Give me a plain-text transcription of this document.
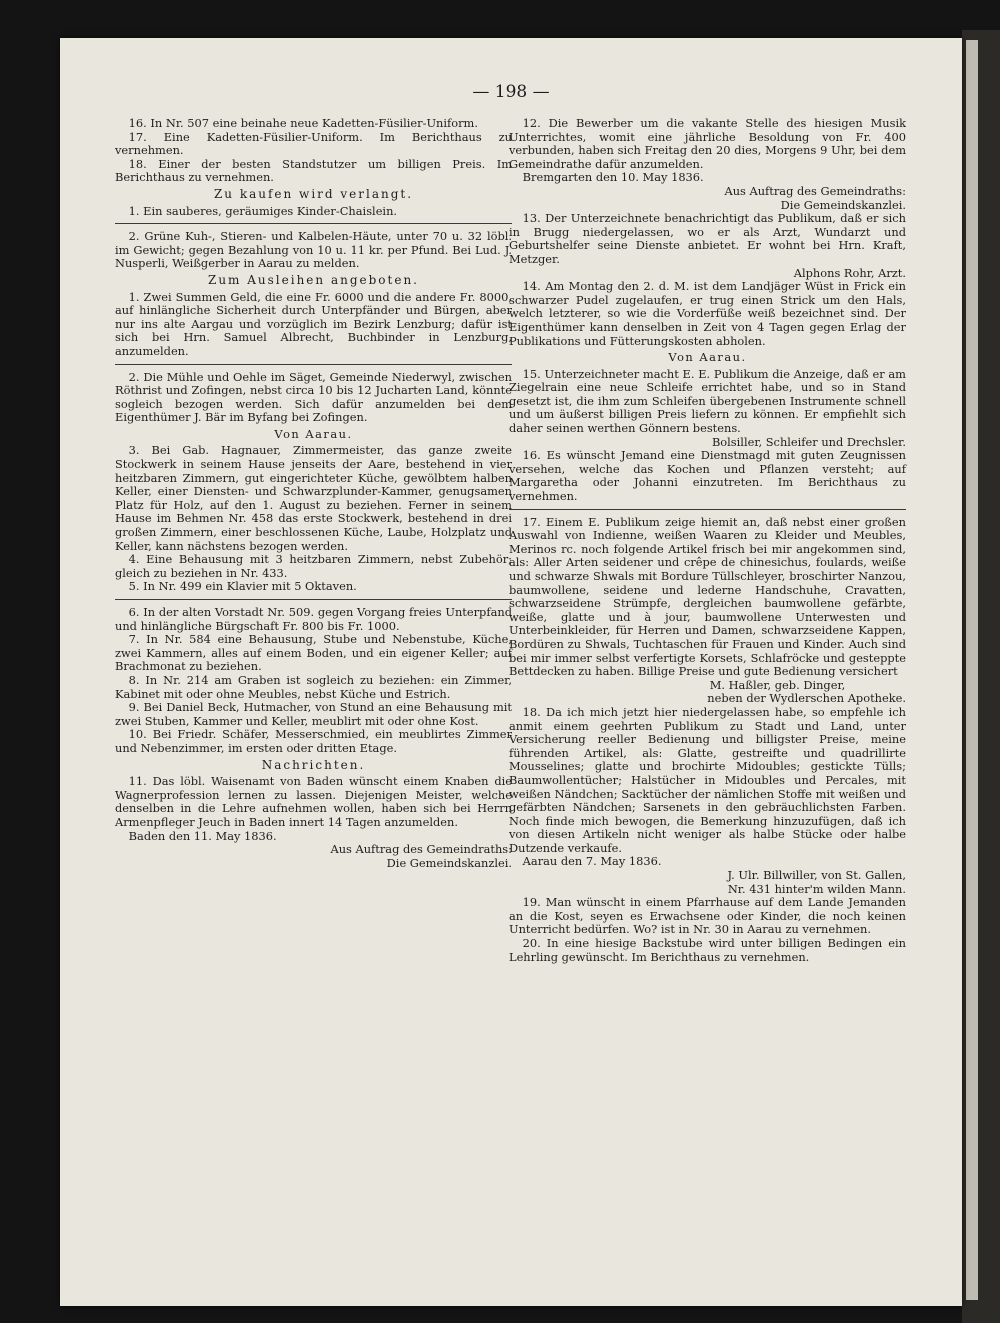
— 198 —

16. In Nr. 507 eine beinahe neue Kadetten-Füsilier-Uniform.

17. Eine Kadetten-Füsilier-Uniform. Im Berichthaus zu vernehmen.

18. Einer der besten Standstutzer um billigen Preis. Im Berichthaus zu vernehmen.

Zu kaufen wird verlangt.

1. Ein sauberes, geräumiges Kinder-Chaislein.

2. Grüne Kuh-, Stieren- und Kalbelen-Häute, unter 70 u. 32 löbl. im Gewicht; gegen Bezahlung von 10 u. 11 kr. per Pfund. Bei Lud. J. Nusperli, Weißgerber in Aarau zu melden.

Zum Ausleihen angeboten.

1. Zwei Summen Geld, die eine Fr. 6000 und die andere Fr. 8000, auf hinlängliche Sicherheit durch Unterpfänder und Bürgen, aber nur ins alte Aargau und vorzüglich im Bezirk Lenzburg; dafür ist sich bei Hrn. Samuel Albrecht, Buchbinder in Lenzburg, anzumelden.

2. Die Mühle und Oehle im Säget, Gemeinde Niederwyl, zwischen Röthrist und Zofingen, nebst circa 10 bis 12 Jucharten Land, könnte sogleich bezogen werden. Sich dafür anzumelden bei dem Eigenthümer J. Bär im Byfang bei Zofingen.

Von Aarau.

3. Bei Gab. Hagnauer, Zimmermeister, das ganze zweite Stockwerk in seinem Hause jenseits der Aare, bestehend in vier heitzbaren Zimmern, gut eingerichteter Küche, gewölbtem halben Keller, einer Diensten- und Schwarzplunder-Kammer, genugsamen Platz für Holz, auf den 1. August zu beziehen. Ferner in seinem Hause im Behmen Nr. 458 das erste Stockwerk, bestehend in drei großen Zimmern, einer beschlossenen Küche, Laube, Holzplatz und Keller, kann nächstens bezogen werden.

4. Eine Behausung mit 3 heitzbaren Zimmern, nebst Zubehör; gleich zu beziehen in Nr. 433.

5. In Nr. 499 ein Klavier mit 5 Oktaven.

6. In der alten Vorstadt Nr. 509. gegen Vorgang freies Unterpfand und hinlängliche Bürgschaft Fr. 800 bis Fr. 1000.

7. In Nr. 584 eine Behausung, Stube und Nebenstube, Küche, zwei Kammern, alles auf einem Boden, und ein eigener Keller; auf Brachmonat zu beziehen.

8. In Nr. 214 am Graben ist sogleich zu beziehen: ein Zimmer, Kabinet mit oder ohne Meubles, nebst Küche und Estrich.

9. Bei Daniel Beck, Hutmacher, von Stund an eine Behausung mit zwei Stuben, Kammer und Keller, meublirt mit oder ohne Kost.

10. Bei Friedr. Schäfer, Messerschmied, ein meublirtes Zimmer und Nebenzimmer, im ersten oder dritten Etage.

Nachrichten.

11. Das löbl. Waisenamt von Baden wünscht einem Knaben die Wagnerprofession lernen zu lassen. Diejenigen Meister, welche denselben in die Lehre aufnehmen wollen, haben sich bei Herrn Armenpfleger Jeuch in Baden innert 14 Tagen anzumelden.

Baden den 11. May 1836.

Aus Auftrag des Gemeindraths:

Die Gemeindskanzlei.

12. Die Bewerber um die vakante Stelle des hiesigen Musik Unterrichtes, womit eine jährliche Besoldung von Fr. 400 verbunden, haben sich Freitag den 20 dies, Morgens 9 Uhr, bei dem Gemeindrathe dafür anzumelden.

Bremgarten den 10. May 1836.

Aus Auftrag des Gemeindraths:

Die Gemeindskanzlei.

13. Der Unterzeichnete benachrichtigt das Publikum, daß er sich in Brugg niedergelassen, wo er als Arzt, Wundarzt und Geburtshelfer seine Dienste anbietet. Er wohnt bei Hrn. Kraft, Metzger.

Alphons Rohr, Arzt.

14. Am Montag den 2. d. M. ist dem Landjäger Wüst in Frick ein schwarzer Pudel zugelaufen, er trug einen Strick um den Hals, welch letzterer, so wie die Vorderfüße weiß bezeichnet sind. Der Eigenthümer kann denselben in Zeit von 4 Tagen gegen Erlag der Publikations und Fütterungskosten abholen.

Von Aarau.

15. Unterzeichneter macht E. E. Publikum die Anzeige, daß er am Ziegelrain eine neue Schleife errichtet habe, und so in Stand gesetzt ist, die ihm zum Schleifen übergebenen Instrumente schnell und um äußerst billigen Preis liefern zu können. Er empfiehlt sich daher seinen werthen Gönnern bestens.

Bolsiller, Schleifer und Drechsler.

16. Es wünscht Jemand eine Dienstmagd mit guten Zeugnissen versehen, welche das Kochen und Pflanzen versteht; auf Margaretha oder Johanni einzutreten. Im Berichthaus zu vernehmen.

17. Einem E. Publikum zeige hiemit an, daß nebst einer großen Auswahl von Indienne, weißen Waaren zu Kleider und Meubles, Merinos rc. noch folgende Artikel frisch bei mir angekommen sind, als: Aller Arten seidener und crêpe de chinesichus, foulards, weiße und schwarze Shwals mit Bordure Tüllschleyer, broschirter Nanzou, baumwollene, seidene und lederne Handschuhe, Cravatten, schwarzseidene Strümpfe, dergleichen baumwollene gefärbte, weiße, glatte und à jour, baumwollene Unterwesten und Unterbeinkleider, für Herren und Damen, schwarzseidene Kappen, Bordüren zu Shwals, Tuchtaschen für Frauen und Kinder. Auch sind bei mir immer selbst verfertigte Korsets, Schlafröcke und gesteppte Bettdecken zu haben. Billige Preise und gute Bedienung versichert

M. Haßler, geb. Dinger,

neben der Wydlerschen Apotheke.

18. Da ich mich jetzt hier niedergelassen habe, so empfehle ich anmit einem geehrten Publikum zu Stadt und Land, unter Versicherung reeller Bedienung und billigster Preise, meine führenden Artikel, als: Glatte, gestreifte und quadrillirte Mousselines; glatte und brochirte Midoubles; gestickte Tülls; Baumwollentücher; Halstücher in Midoubles und Percales, mit weißen Nändchen; Sacktücher der nämlichen Stoffe mit weißen und gefärbten Nändchen; Sarsenets in den gebräuchlichsten Farben. Noch finde mich bewogen, die Bemerkung hinzuzufügen, daß ich von diesen Artikeln nicht weniger als halbe Stücke oder halbe Dutzende verkaufe.

Aarau den 7. May 1836.

J. Ulr. Billwiller, von St. Gallen,

Nr. 431 hinter'm wilden Mann.

19. Man wünscht in einem Pfarrhause auf dem Lande Jemanden an die Kost, seyen es Erwachsene oder Kinder, die noch keinen Unterricht bedürfen. Wo? ist in Nr. 30 in Aarau zu vernehmen.

20. In eine hiesige Backstube wird unter billigen Bedingen ein Lehrling gewünscht. Im Berichthaus zu vernehmen.
